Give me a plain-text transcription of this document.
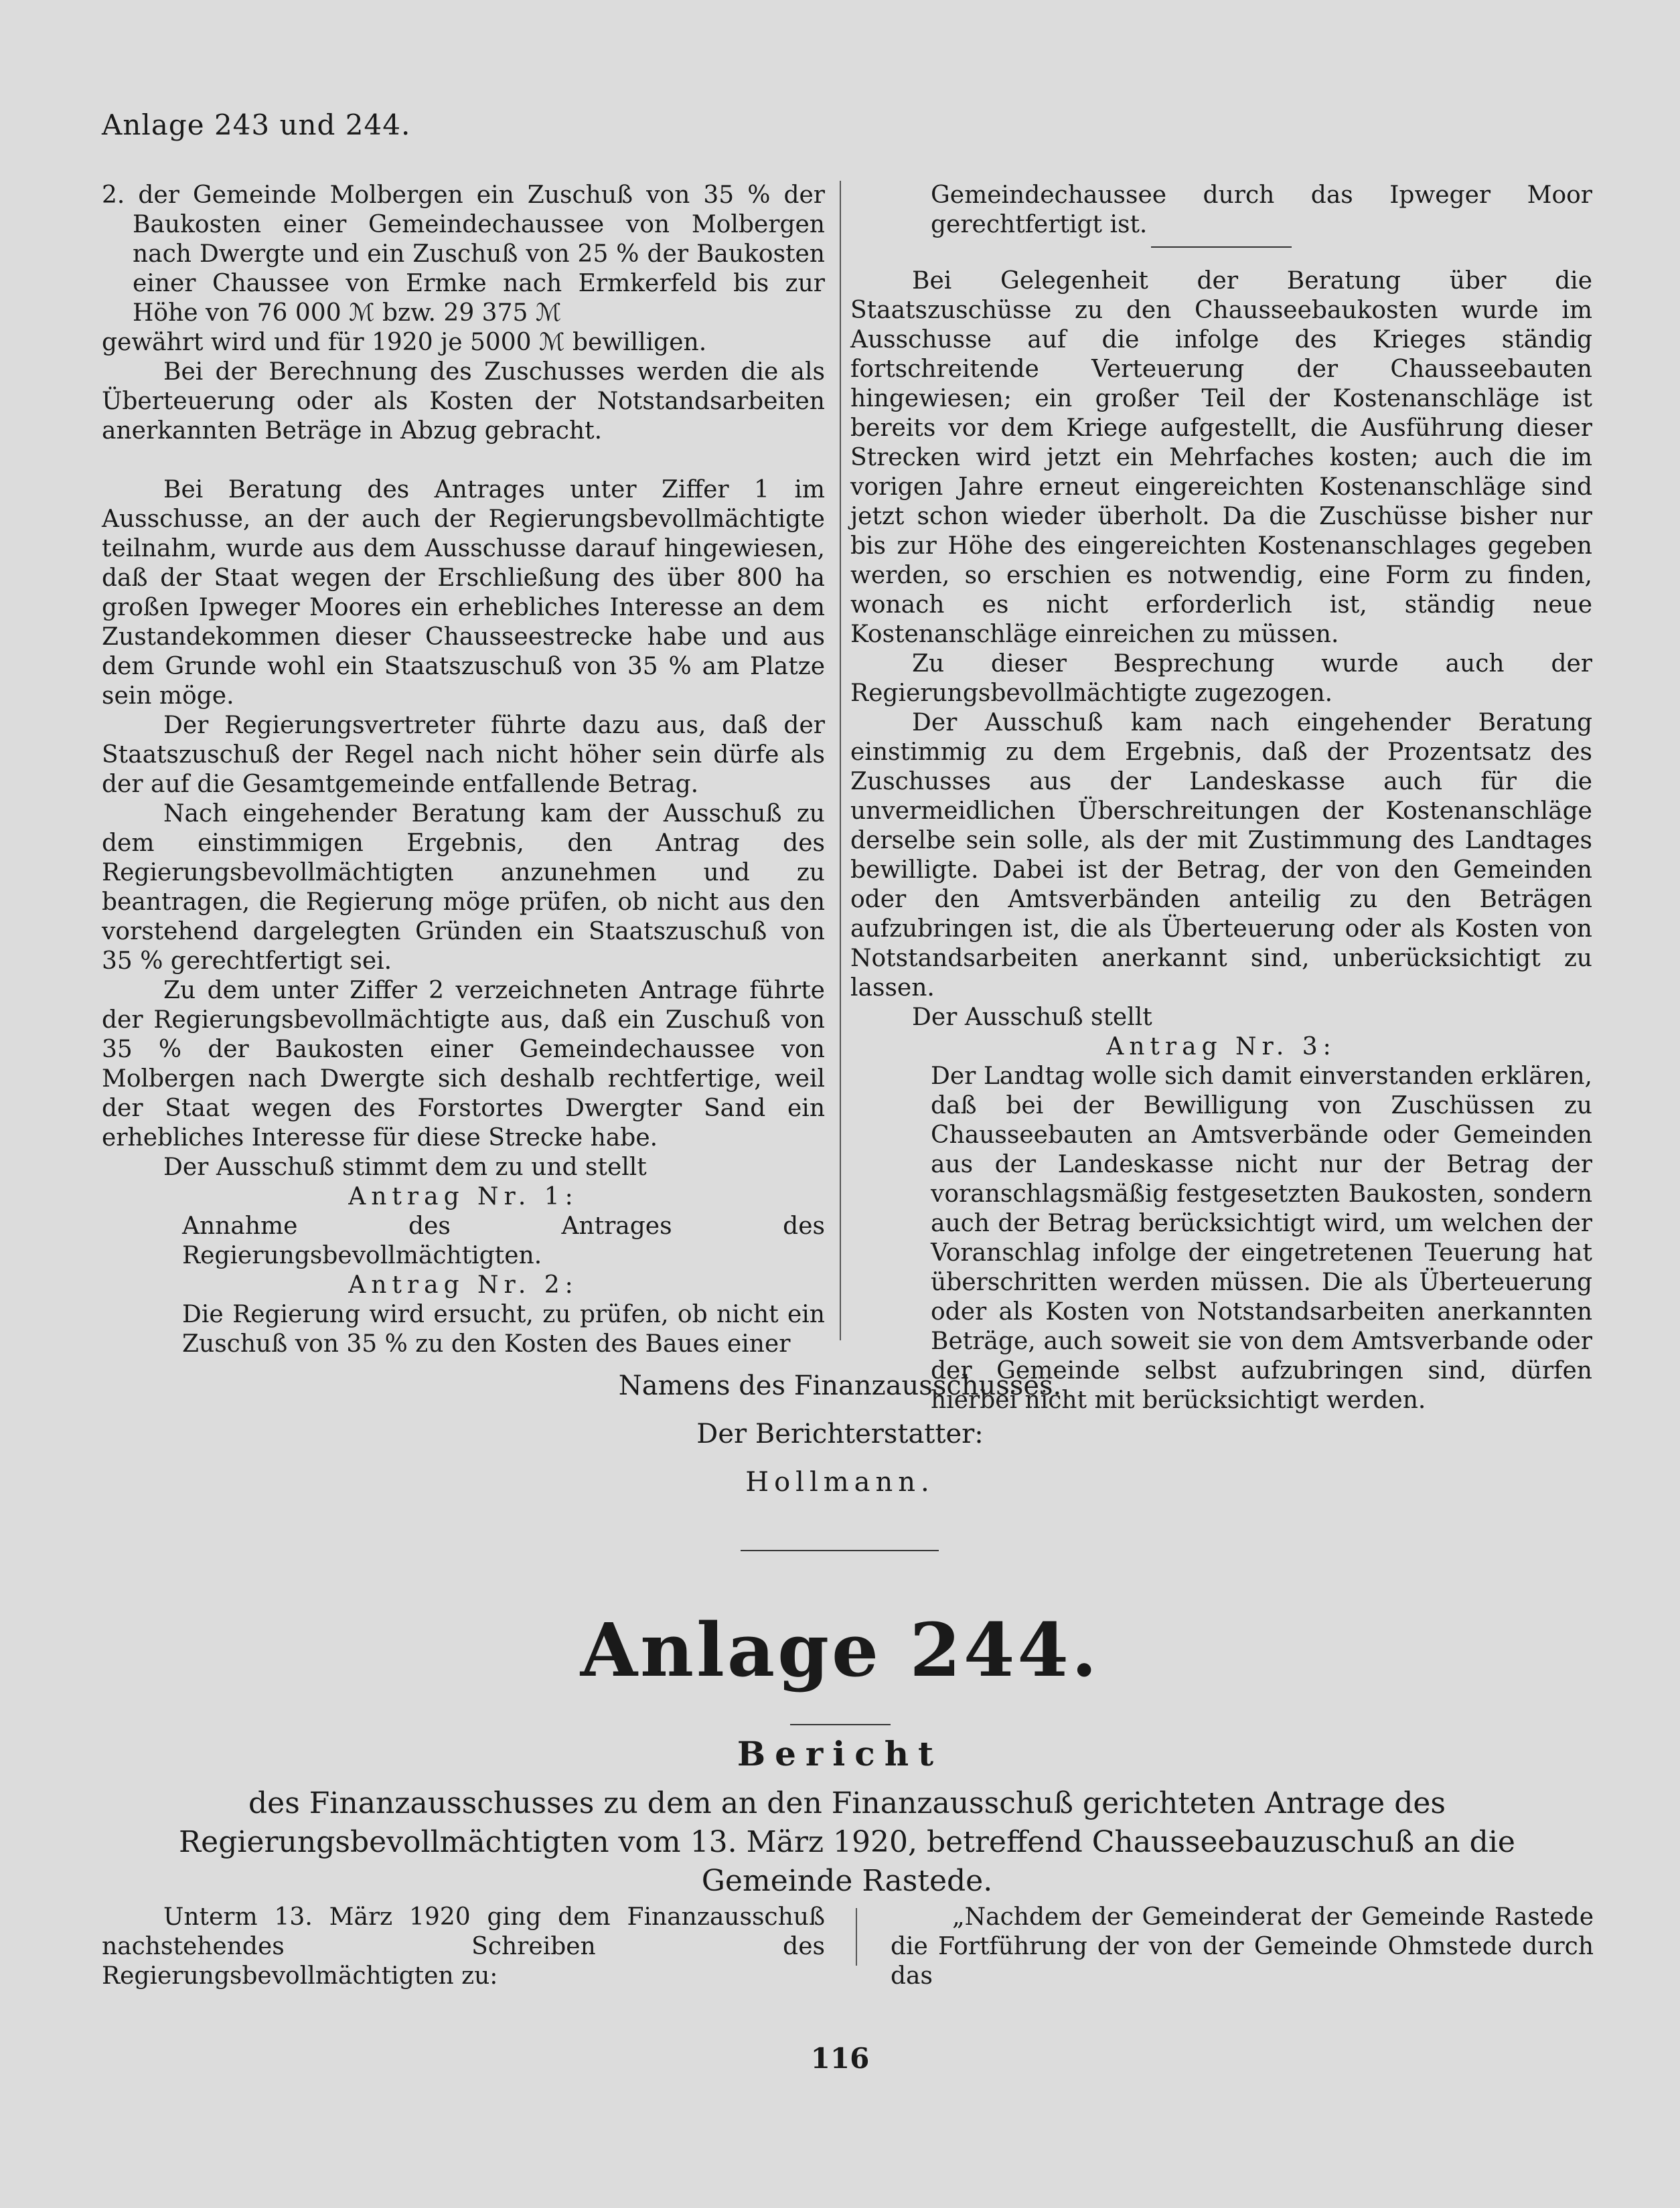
Anlage 243 und 244.

2. der Gemeinde Molbergen ein Zuschuß von 35 % der Baukosten einer Gemeindechaussee von Molbergen nach Dwergte und ein Zuschuß von 25 % der Baukosten einer Chaussee von Ermke nach Ermkerfeld bis zur Höhe von 76 000 ℳ bzw. 29 375 ℳ

gewährt wird und für 1920 je 5000 ℳ bewilligen.

Bei der Berechnung des Zuschusses werden die als Überteuerung oder als Kosten der Notstandsarbeiten anerkannten Beträge in Abzug gebracht.

Bei Beratung des Antrages unter Ziffer 1 im Ausschusse, an der auch der Regierungsbevollmächtigte teilnahm, wurde aus dem Ausschusse darauf hingewiesen, daß der Staat wegen der Erschließung des über 800 ha großen Ipweger Moores ein erhebliches Interesse an dem Zustandekommen dieser Chausseestrecke habe und aus dem Grunde wohl ein Staatszuschuß von 35 % am Platze sein möge.

Der Regierungsvertreter führte dazu aus, daß der Staatszuschuß der Regel nach nicht höher sein dürfe als der auf die Gesamtgemeinde entfallende Betrag.

Nach eingehender Beratung kam der Ausschuß zu dem einstimmigen Ergebnis, den Antrag des Regierungsbevollmächtigten anzunehmen und zu beantragen, die Regierung möge prüfen, ob nicht aus den vorstehend dargelegten Gründen ein Staatszuschuß von 35 % gerechtfertigt sei.

Zu dem unter Ziffer 2 verzeichneten Antrage führte der Regierungsbevollmächtigte aus, daß ein Zuschuß von 35 % der Baukosten einer Gemeindechaussee von Molbergen nach Dwergte sich deshalb rechtfertige, weil der Staat wegen des Forstortes Dwergter Sand ein erhebliches Interesse für diese Strecke habe.

Der Ausschuß stimmt dem zu und stellt

Antrag Nr. 1:

Annahme des Antrages des Regierungsbevollmächtigten.

Antrag Nr. 2:

Die Regierung wird ersucht, zu prüfen, ob nicht ein Zuschuß von 35 % zu den Kosten des Baues einer

Gemeindechaussee durch das Ipweger Moor gerechtfertigt ist.

Bei Gelegenheit der Beratung über die Staatszuschüsse zu den Chausseebaukosten wurde im Ausschusse auf die infolge des Krieges ständig fortschreitende Verteuerung der Chausseebauten hingewiesen; ein großer Teil der Kostenanschläge ist bereits vor dem Kriege aufgestellt, die Ausführung dieser Strecken wird jetzt ein Mehrfaches kosten; auch die im vorigen Jahre erneut eingereichten Kostenanschläge sind jetzt schon wieder überholt. Da die Zuschüsse bisher nur bis zur Höhe des eingereichten Kostenanschlages gegeben werden, so erschien es notwendig, eine Form zu finden, wonach es nicht erforderlich ist, ständig neue Kostenanschläge einreichen zu müssen.

Zu dieser Besprechung wurde auch der Regierungsbevollmächtigte zugezogen.

Der Ausschuß kam nach eingehender Beratung einstimmig zu dem Ergebnis, daß der Prozentsatz des Zuschusses aus der Landeskasse auch für die unvermeidlichen Überschreitungen der Kostenanschläge derselbe sein solle, als der mit Zustimmung des Landtages bewilligte. Dabei ist der Betrag, der von den Gemeinden oder den Amtsverbänden anteilig zu den Beträgen aufzubringen ist, die als Überteuerung oder als Kosten von Notstandsarbeiten anerkannt sind, unberücksichtigt zu lassen.

Der Ausschuß stellt

Antrag Nr. 3:

Der Landtag wolle sich damit einverstanden erklären, daß bei der Bewilligung von Zuschüssen zu Chausseebauten an Amtsverbände oder Gemeinden aus der Landeskasse nicht nur der Betrag der voranschlagsmäßig festgesetzten Baukosten, sondern auch der Betrag berücksichtigt wird, um welchen der Voranschlag infolge der eingetretenen Teuerung hat überschritten werden müssen. Die als Überteuerung oder als Kosten von Notstandsarbeiten anerkannten Beträge, auch soweit sie von dem Amtsverbande oder der Gemeinde selbst aufzubringen sind, dürfen hierbei nicht mit berücksichtigt werden.

Namens des Finanzausschusses.
Der Berichterstatter:
Hollmann.
Anlage 244.
Bericht
des Finanzausschusses zu dem an den Finanzausschuß gerichteten Antrage des Regierungsbevollmächtigten vom 13. März 1920, betreffend Chausseebauzuschuß an die Gemeinde Rastede.

Unterm 13. März 1920 ging dem Finanzausschuß nachstehendes Schreiben des Regierungsbevollmächtigten zu:

„Nachdem der Gemeinderat der Gemeinde Rastede die Fortführung der von der Gemeinde Ohmstede durch das

116
